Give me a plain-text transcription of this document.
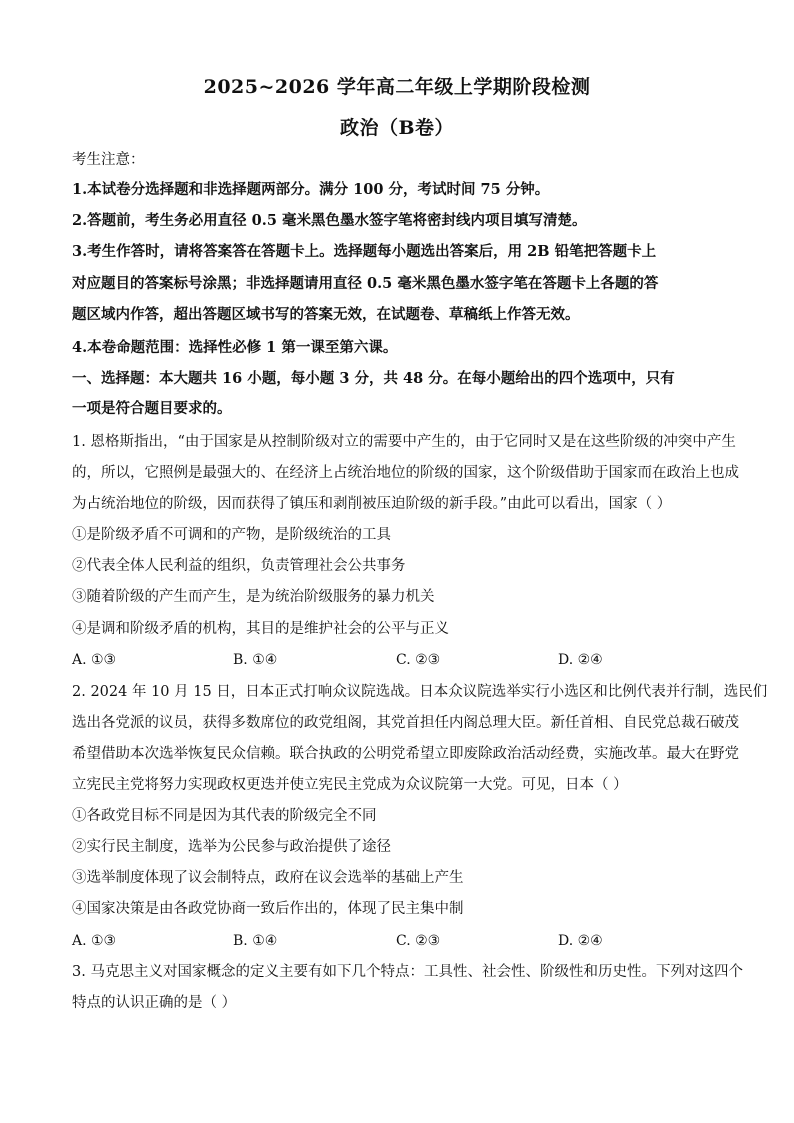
2025~2026 学年高二年级上学期阶段检测
政治（B卷）
考生注意：
1.本试卷分选择题和非选择题两部分。满分 100 分，考试时间 75 分钟。
2.答题前，考生务必用直径 0.5 毫米黑色墨水签字笔将密封线内项目填写清楚。
3.考生作答时，请将答案答在答题卡上。选择题每小题选出答案后，用 2B 铅笔把答题卡上
对应题目的答案标号涂黑；非选择题请用直径 0.5 毫米黑色墨水签字笔在答题卡上各题的答
题区域内作答，超出答题区域书写的答案无效，在试题卷、草稿纸上作答无效。
4.本卷命题范围：选择性必修 1 第一课至第六课。
一、选择题：本大题共 16 小题，每小题 3 分，共 48 分。在每小题给出的四个选项中，只有
一项是符合题目要求的。
1. 恩格斯指出，“由于国家是从控制阶级对立的需要中产生的，由于它同时又是在这些阶级的冲突中产生
的，所以，它照例是最强大的、在经济上占统治地位的阶级的国家，这个阶级借助于国家而在政治上也成
为占统治地位的阶级，因而获得了镇压和剥削被压迫阶级的新手段。”由此可以看出，国家（ ）
①是阶级矛盾不可调和的产物，是阶级统治的工具
②代表全体人民利益的组织，负责管理社会公共事务
③随着阶级的产生而产生，是为统治阶级服务的暴力机关
④是调和阶级矛盾的机构，其目的是维护社会的公平与正义
A. ①③	B. ①④	C. ②③	D. ②④
2. 2024 年 10 月 15 日，日本正式打响众议院选战。日本众议院选举实行小选区和比例代表并行制，选民们
选出各党派的议员，获得多数席位的政党组阁，其党首担任内阁总理大臣。新任首相、自民党总裁石破茂
希望借助本次选举恢复民众信赖。联合执政的公明党希望立即废除政治活动经费，实施改革。最大在野党
立宪民主党将努力实现政权更迭并使立宪民主党成为众议院第一大党。可见，日本（ ）
①各政党目标不同是因为其代表的阶级完全不同
②实行民主制度，选举为公民参与政治提供了途径
③选举制度体现了议会制特点，政府在议会选举的基础上产生
④国家决策是由各政党协商一致后作出的，体现了民主集中制
A. ①③	B. ①④	C. ②③	D. ②④
3. 马克思主义对国家概念的定义主要有如下几个特点：工具性、社会性、阶级性和历史性。下列对这四个
特点的认识正确的是（ ）
